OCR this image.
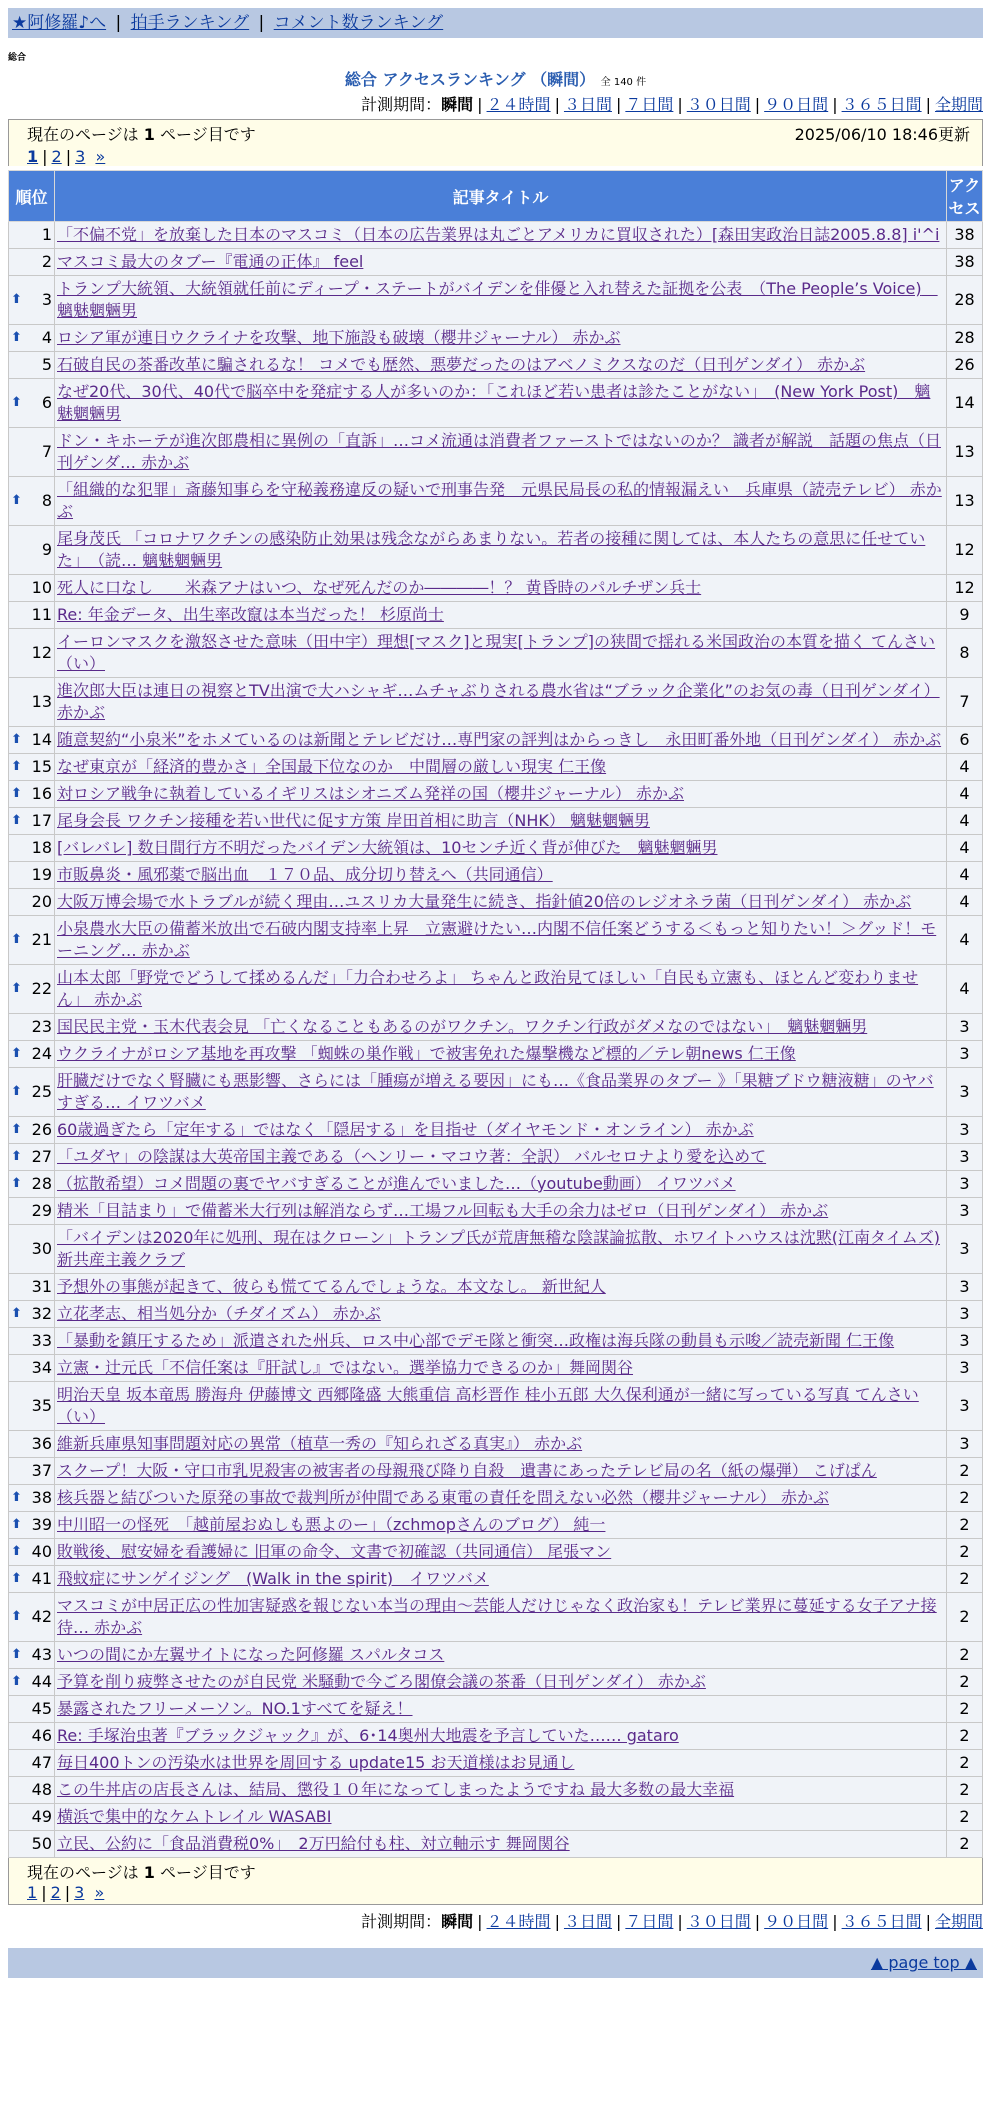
★阿修羅♪へ | 拍手ランキング | コメント数ランキング
総合
総合 アクセスランキング （瞬間） 全 140 件
計測期間：瞬間 | ２４時間 | ３日間 | ７日間 | ３０日間 | ９０日間 | ３６５日間 | 全期間
現在のページは 1 ページ目です	2025/06/10 18:46更新
1 | 2 | 3 »
順位	記事タイトル	アクセス
1	「不偏不党」を放棄した日本のマスコミ（日本の広告業界は丸ごとアメリカに買収された）[森田実政治日誌2005.8.8] i'^i	38
2	マスコミ最大のタブー『電通の正体』 feel	38

⬆ 3	トランプ大統領、大統領就任前にディープ・ステートがバイデンを俳優と入れ替えた証拠を公表　（The People’s Voice)　魑魅魍魎男	28

⬆ 4	ロシア軍が連日ウクライナを攻撃、地下施設も破壊（櫻井ジャーナル） 赤かぶ	28
5	石破自民の茶番改革に騙されるな！ コメでも歴然、悪夢だったのはアベノミクスなのだ（日刊ゲンダイ） 赤かぶ	26

⬆ 6	なぜ20代、30代、40代で脳卒中を発症する人が多いのか：「これほど若い患者は診たことがない」　(New York Post)　魑魅魍魎男	14
7	ドン・キホーテが進次郎農相に異例の「直訴」…コメ流通は消費者ファーストではないのか？ 識者が解説　話題の焦点（日刊ゲンダ… 赤かぶ	13

⬆ 8	「組織的な犯罪」斎藤知事らを守秘義務違反の疑いで刑事告発　元県民局長の私的情報漏えい　兵庫県（読売テレビ） 赤かぶ	13
9	尾身茂氏 「コロナワクチンの感染防止効果は残念ながらあまりない。若者の接種に関しては、本人たちの意思に任せていた」　（読… 魑魅魍魎男	12
10	死人に口なし　　米森アナはいつ、なぜ死んだのか――――！？ 黄昏時のパルチザン兵士	12
11	Re: 年金データ、出生率改竄は本当だった！ 杉原尚士	9
12	イーロンマスクを激怒させた意味（田中宇）理想[マスク]と現実[トランプ]の狭間で揺れる米国政治の本質を描く てんさい（い）	8
13	進次郎大臣は連日の視察とTV出演で大ハシャギ…ムチャぶりされる農水省は“ブラック企業化”のお気の毒（日刊ゲンダイ） 赤かぶ	7

⬆ 14	随意契約“小泉米”をホメているのは新聞とテレビだけ…専門家の評判はからっきし　永田町番外地（日刊ゲンダイ） 赤かぶ	6

⬆ 15	なぜ東京が「経済的豊かさ」全国最下位なのか　中間層の厳しい現実 仁王像	4

⬆ 16	対ロシア戦争に執着しているイギリスはシオニズム発祥の国（櫻井ジャーナル） 赤かぶ	4

⬆ 17	尾身会長 ワクチン接種を若い世代に促す方策 岸田首相に助言（NHK） 魑魅魍魎男	4
18	[バレバレ] 数日間行方不明だったバイデン大統領は、10センチ近く背が伸びた　魑魅魍魎男	4
19	市販鼻炎・風邪薬で脳出血　１７０品、成分切り替えへ（共同通信）	4
20	大阪万博会場で水トラブルが続く理由…ユスリカ大量発生に続き、指針値20倍のレジオネラ菌（日刊ゲンダイ） 赤かぶ	4

⬆ 21	小泉農水大臣の備蓄米放出で石破内閣支持率上昇　立憲避けたい…内閣不信任案どうする＜もっと知りたい！＞グッド！モーニング… 赤かぶ	4

⬆ 22	山本太郎「野党でどうして揉めるんだ」「力合わせろよ」 ちゃんと政治見てほしい「自民も立憲も、ほとんど変わりません」 赤かぶ	4
23	国民民主党・玉木代表会見 「亡くなることもあるのがワクチン。ワクチン行政がダメなのではない」　魑魅魍魎男	3

⬆ 24	ウクライナがロシア基地を再攻撃 「蜘蛛の巣作戦」で被害免れた爆撃機など標的／テレ朝news 仁王像	3

⬆ 25	肝臓だけでなく腎臓にも悪影響、さらには「腫瘍が増える要因」にも…《食品業界のタブー 》「果糖ブドウ糖液糖」のヤバすぎる… イワツバメ	3

⬆ 26	60歳過ぎたら「定年する」ではなく「隠居する」を目指せ（ダイヤモンド・オンライン） 赤かぶ	3

⬆ 27	「ユダヤ」の陰謀は大英帝国主義である（ヘンリー・マコウ著：全訳） バルセロナより愛を込めて	3

⬆ 28	（拡散希望）コメ問題の裏でヤバすぎることが進んでいました…（youtube動画） イワツバメ	3
29	精米「目詰まり」で備蓄米大行列は解消ならず…工場フル回転も大手の余力はゼロ（日刊ゲンダイ） 赤かぶ	3
30	「バイデンは2020年に処刑、現在はクローン」トランプ氏が荒唐無稽な陰謀論拡散、ホワイトハウスは沈黙(江南タイムズ) 新共産主義クラブ	3
31	予想外の事態が起きて、彼らも慌ててるんでしょうな。本文なし。 新世紀人	3

⬆ 32	立花孝志、相当処分か（チダイズム） 赤かぶ	3
33	「暴動を鎮圧するため」派遣された州兵、ロス中心部でデモ隊と衝突…政権は海兵隊の動員も示唆／読売新聞 仁王像	3
34	立憲・辻元氏「不信任案は『肝試し』ではない。選挙協力できるのか」舞岡関谷	3
35	明治天皇 坂本竜馬 勝海舟 伊藤博文 西郷隆盛 大熊重信 高杉晋作 桂小五郎 大久保利通が一緒に写っている写真 てんさい（い）	3
36	維新兵庫県知事問題対応の異常（植草一秀の『知られざる真実』） 赤かぶ	3
37	スクープ！大阪・守口市乳児殺害の被害者の母親飛び降り自殺　遺書にあったテレビ局の名（紙の爆弾） こげぱん	2

⬆ 38	核兵器と結びついた原発の事故で裁判所が仲間である東電の責任を問えない必然（櫻井ジャーナル） 赤かぶ	2

⬆ 39	中川昭一の怪死　「越前屋おぬしも悪よのー」（zchmopさんのブログ） 純一	2

⬆ 40	敗戦後、慰安婦を看護婦に 旧軍の命令、文書で初確認（共同通信） 尾張マン	2

⬆ 41	飛蚊症にサンゲイジング　(Walk in the spirit)　イワツバメ	2

⬆ 42	マスコミが中居正広の性加害疑惑を報じない本当の理由～芸能人だけじゃなく政治家も！テレビ業界に蔓延する女子アナ接待… 赤かぶ	2

⬆ 43	いつの間にか左翼サイトになった阿修羅 スパルタコス	2

⬆ 44	予算を削り疲弊させたのが自民党 米騒動で今ごろ閣僚会議の茶番（日刊ゲンダイ） 赤かぶ	2
45	暴露されたフリーメーソン。NO.1すべてを疑え！	2
46	Re: 手塚治虫著『ブラックジャック』が、6･14奥州大地震を予言していた…… gataro	2
47	毎日400トンの汚染水は世界を周回する update15 お天道様はお見通し	2
48	この牛丼店の店長さんは、結局、懲役１０年になってしまったようですね 最大多数の最大幸福	2
49	横浜で集中的なケムトレイル WASABI	2
50	立民、公約に「食品消費税0%」　2万円給付も柱、対立軸示す 舞岡関谷	2
現在のページは 1 ページ目です
1 | 2 | 3 »
計測期間：瞬間 | ２４時間 | ３日間 | ７日間 | ３０日間 | ９０日間 | ３６５日間 | 全期間
▲ page top ▲
